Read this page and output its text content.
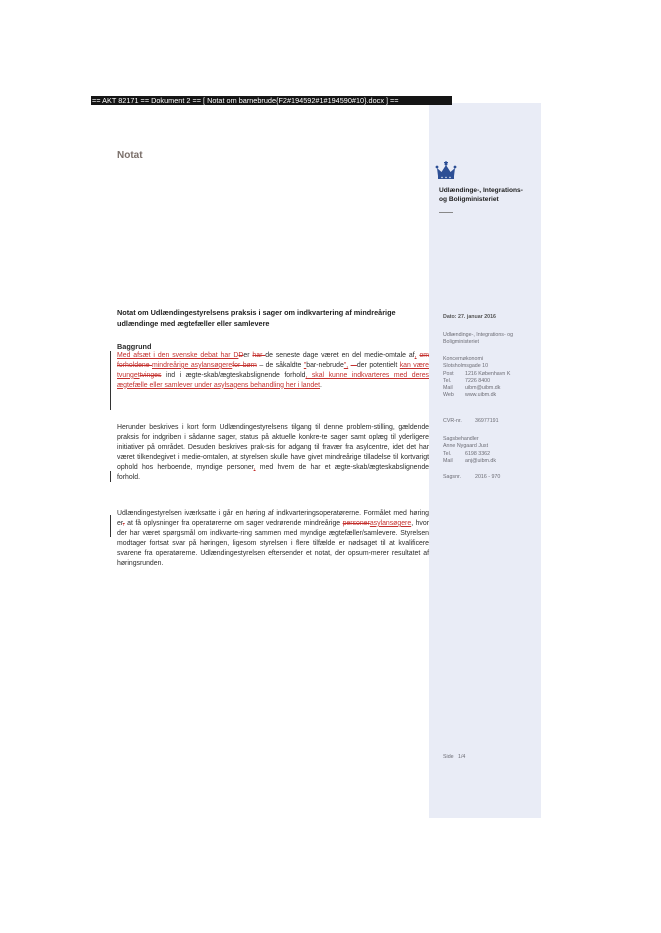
== AKT 82171 == Dokument 2 == [ Notat om barnebrude{F2#194592#1#194590#10}.docx ] ==
Notat
Udlændinge-, Integrations-
og Boligministeriet
Dato: 27. januar 2016
Udlændinge-, Integrations- og
Boligministeriet
Koncernøkonomi
Slotsholmsgade 10
Post 1216 København K
Tel.	7226 8400
Mail uibm@uibm.dk
Web www.uibm.dk
CVR-nr. 36977191
Sagsbehandler
Anne Nygaard Just
Tel.	6198 3362
Mail anj@uibm.dk
Sagsnr.	2016 - 970
Side 1/4
Notat om Udlændingestyrelsens praksis i sager om indkvartering af mindreårige udlændinge med ægtefæller eller samlevere
Baggrund
Med afsæt i den svenske debat har DDer har de seneste dage været en del medie-omtale af, om forholdene mindreårige asylansøgerefor børn – de såkaldte "bar-nebrude", – der potentielt kan være tvungettvinges ind i ægte-skab/ægteskabslignende forhold, skal kunne indkvarteres med deres ægtefælle eller samlever under asylsagens behandling her i landet.
Herunder beskrives i kort form Udlændingestyrelsens tilgang til denne problem-stilling, gældende praksis for indgriben i sådanne sager, status på aktuelle konkre-te sager samt oplæg til yderligere initiativer på området. Desuden beskrives prak-sis for adgang til fravær fra asylcentre, idet det har været tilkendegivet i medie-omtalen, at styrelsen skulle have givet mindreårige tilladelse til kortvarigt ophold hos herboende, myndige personer, med hvem de har et ægte-skab/ægteskabslignende forhold.
Udlændingestyrelsen iværksatte i går en høring af indkvarteringsoperatørerne. Formålet med høring er, at få oplysninger fra operatørerne om sager vedrørende mindreårige personerasylansøgere, hvor der har været spørgsmål om indkvarte-ring sammen med myndige ægtefæller/samlevere. Styrelsen modtager fortsat svar på høringen, ligesom styrelsen i flere tilfælde er nødsaget til at kvalificere svarene fra operatørerne. Udlændingestyrelsen eftersender et notat, der opsum-merer resultatet af høringsrunden.
